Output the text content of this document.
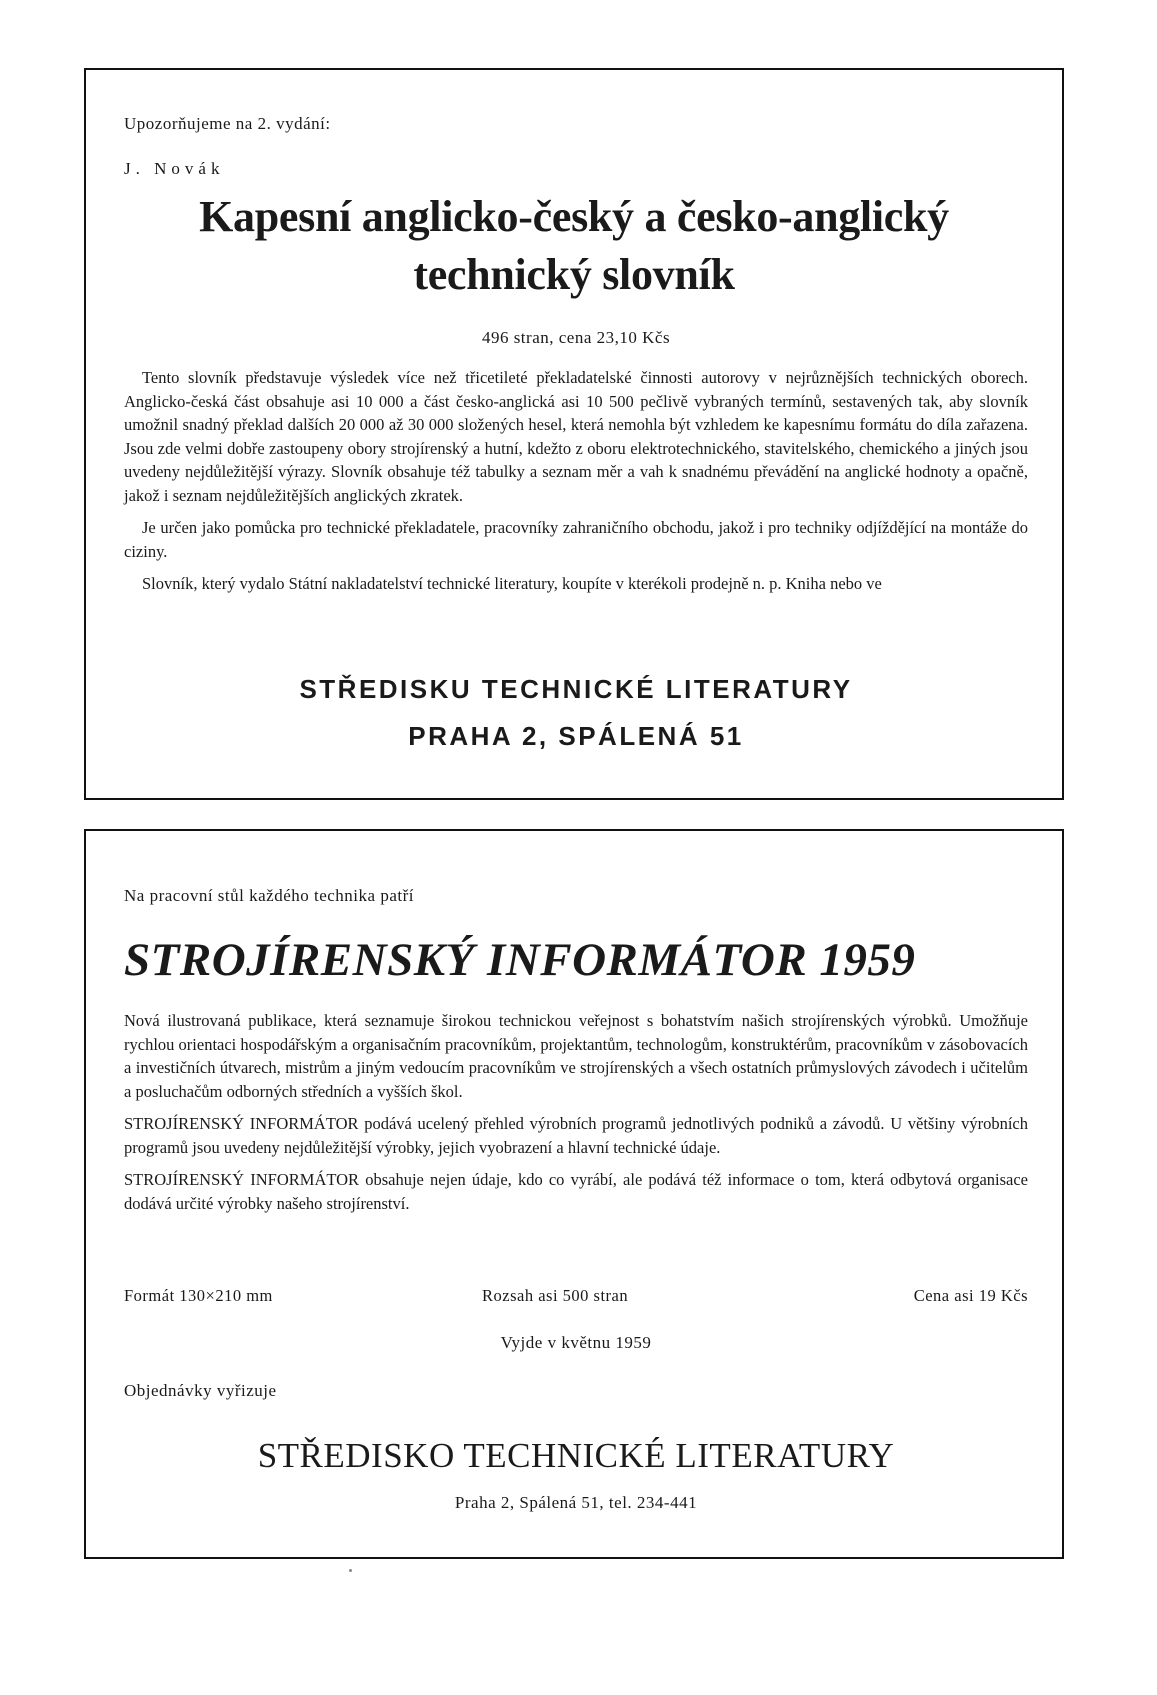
Upozorňujeme na 2. vydání:
J. Novák
Kapesní anglicko-český a česko-anglický
technický slovník
496 stran, cena 23,10 Kčs

Tento slovník představuje výsledek více než třicetileté překladatelské činnosti autorovy v nejrůznějších technických oborech. Anglicko-česká část obsahuje asi 10 000 a část česko-anglická asi 10 500 pečlivě vybraných termínů, sestavených tak, aby slovník umožnil snadný překlad dalších 20 000 až 30 000 složených hesel, která nemohla být vzhledem ke kapesnímu formátu do díla zařazena. Jsou zde velmi dobře zastoupeny obory strojírenský a hutní, kdežto z oboru elektrotechnického, stavitelského, chemického a jiných jsou uvedeny nejdůležitější výrazy. Slovník obsahuje též tabulky a seznam měr a vah k snadnému převádění na anglické hodnoty a opačně, jakož i seznam nejdůležitějších anglických zkratek.

Je určen jako pomůcka pro technické překladatele, pracovníky zahraničního obchodu, jakož i pro techniky odjíždějící na montáže do ciziny.

Slovník, který vydalo Státní nakladatelství technické literatury, koupíte v kterékoli prodejně n. p. Kniha nebo ve

STŘEDISKU TECHNICKÉ LITERATURY
PRAHA 2, SPÁLENÁ 51
Na pracovní stůl každého technika patří
STROJÍRENSKÝ INFORMÁTOR 1959

Nová ilustrovaná publikace, která seznamuje širokou technickou veřejnost s bohatstvím našich strojírenských výrobků. Umožňuje rychlou orientaci hospodářským a organisačním pracovníkům, projektantům, technologům, konstruktérům, pracovníkům v zásobovacích a investičních útvarech, mistrům a jiným vedoucím pracovníkům ve strojírenských a všech ostatních průmyslových závodech i učitelům a posluchačům odborných středních a vyšších škol.

STROJÍRENSKÝ INFORMÁTOR podává ucelený přehled výrobních programů jednotlivých podniků a závodů. U většiny výrobních programů jsou uvedeny nejdůležitější výrobky, jejich vyobrazení a hlavní technické údaje.

STROJÍRENSKÝ INFORMÁTOR obsahuje nejen údaje, kdo co vyrábí, ale podává též informace o tom, která odbytová organisace dodává určité výrobky našeho strojírenství.

Formát 130×210 mm	Rozsah asi 500 stran	Cena asi 19 Kčs
Vyjde v květnu 1959
Objednávky vyřizuje
STŘEDISKO TECHNICKÉ LITERATURY
Praha 2, Spálená 51, tel. 234-441
